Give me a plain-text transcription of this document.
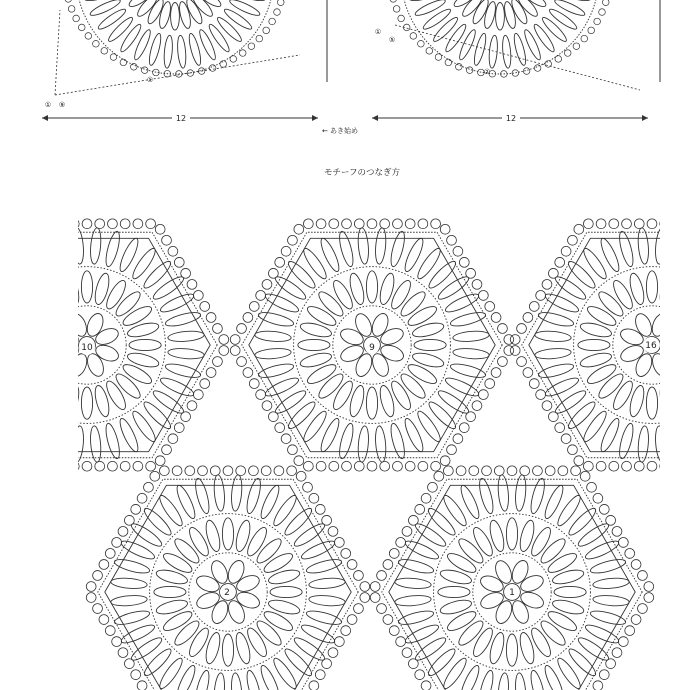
12	12
← あき始め
モチーフのつなぎ方
① ⑨
①
⑤
①
②
10	9	16
2	1
